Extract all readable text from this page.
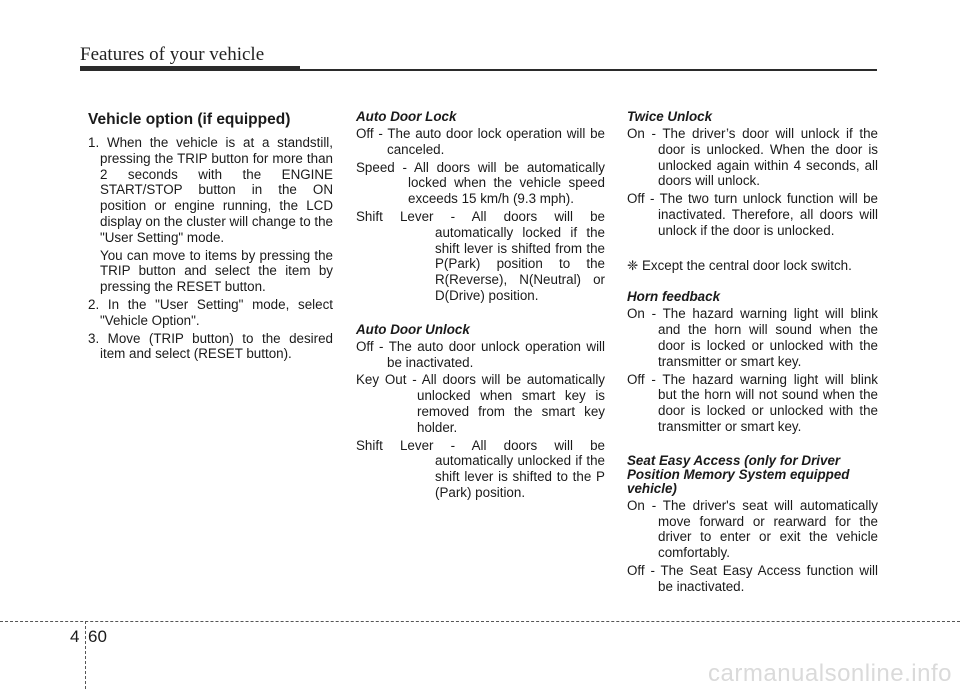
Features of your vehicle
Vehicle option (if equipped)
1. When the vehicle is at a standstill, pressing the TRIP button for more than 2 seconds with the ENGINE START/STOP button in the ON position or engine running, the LCD display on the cluster will change to the "User Setting" mode.
You can move to items by pressing the TRIP button and select the item by pressing the RESET button.
2. In the "User Setting" mode, select "Vehicle Option".
3. Move (TRIP button) to the desired item and select (RESET button).
Auto Door Lock
Off - The auto door lock operation will be canceled.
Speed - All doors will be automatically locked when the vehicle speed exceeds 15 km/h (9.3 mph).
Shift Lever - All doors will be automatically locked if the shift lever is shifted from the P(Park) position to the R(Reverse), N(Neutral) or D(Drive) position.
Auto Door Unlock
Off - The auto door unlock operation will be inactivated.
Key Out - All doors will be automatically unlocked when smart key is removed from the smart key holder.
Shift Lever - All doors will be automatically unlocked if the shift lever is shifted to the P (Park) position.
Twice Unlock
On - The driver’s door will unlock if the door is unlocked. When the door is unlocked again within 4 seconds, all doors will unlock.
Off - The two turn unlock function will be inactivated. Therefore, all doors will unlock if the door is unlocked.
❈ Except the central door lock switch.
Horn feedback
On - The hazard warning light will blink and the horn will sound when the door is locked or unlocked with the transmitter or smart key.
Off - The hazard warning light will blink but the horn will not sound when the door is locked or unlocked with the transmitter or smart key.
Seat Easy Access (only for Driver Position Memory System equipped vehicle)
On - The driver's seat will automatically move forward or rearward for the driver to enter or exit the vehicle comfortably.
Off - The Seat Easy Access function will be inactivated.
4 60
carmanualsonline.info
